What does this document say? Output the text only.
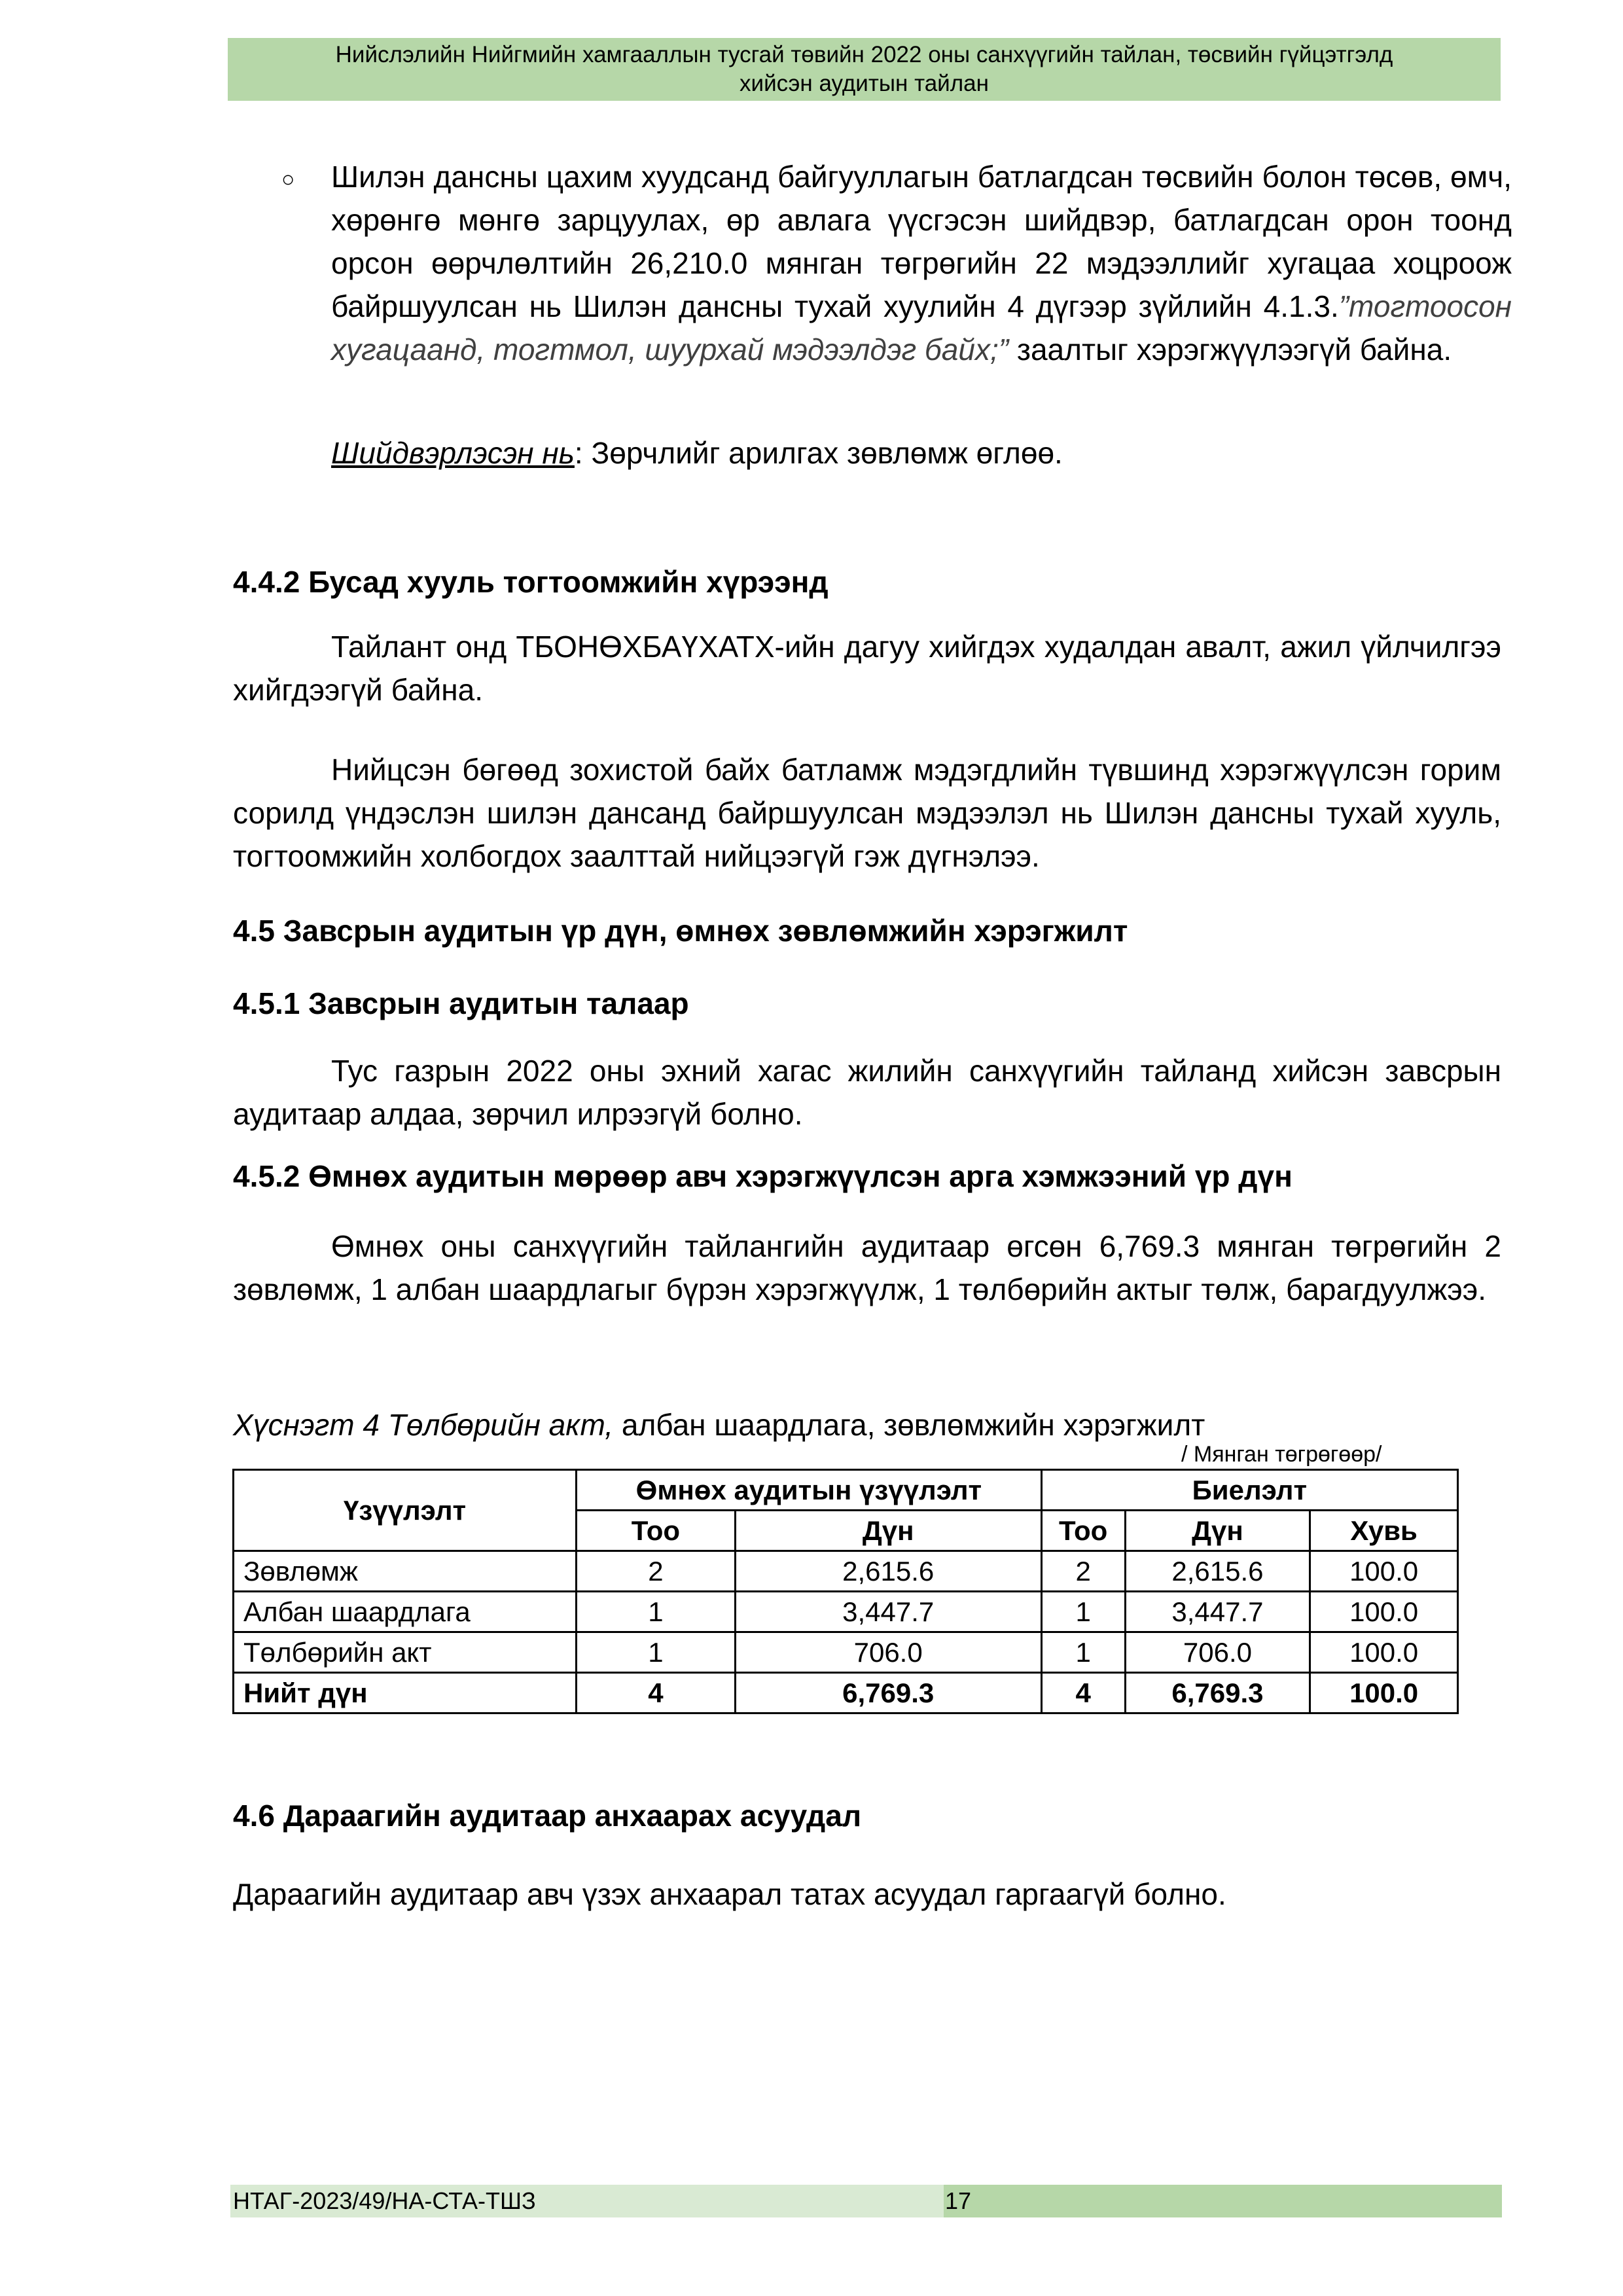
Нийслэлийн Нийгмийн хамгааллын тусгай төвийн 2022 оны санхүүгийн тайлан, төсвийн гүйцэтгэлд
хийсэн аудитын тайлан
○ Шилэн дансны цахим хуудсанд байгууллагын батлагдсан төсвийн болон төсөв, өмч, хөрөнгө мөнгө зарцуулах, өр авлага үүсгэсэн шийдвэр, батлагдсан орон тоонд орсон өөрчлөлтийн 26,210.0 мянган төгрөгийн 22 мэдээллийг хугацаа хоцроож байршуулсан нь Шилэн дансны тухай хуулийн 4 дүгээр зүйлийн 4.1.3.”тогтоосон хугацаанд, тогтмол, шуурхай мэдээлдэг байх;” заалтыг хэрэгжүүлээгүй байна.
Шийдвэрлэсэн нь: Зөрчлийг арилгах зөвлөмж өглөө.
4.4.2 Бусад хууль тогтоомжийн хүрээнд
Тайлант онд ТБОНӨХБАҮХАТХ-ийн дагуу хийгдэх худалдан авалт, ажил үйлчилгээ хийгдээгүй байна.
Нийцсэн бөгөөд зохистой байх батламж мэдэгдлийн түвшинд хэрэгжүүлсэн горим сорилд үндэслэн шилэн дансанд байршуулсан мэдээлэл нь Шилэн дансны тухай хууль, тогтоомжийн холбогдох заалттай нийцээгүй гэж дүгнэлээ.
4.5 Завсрын аудитын үр дүн, өмнөх зөвлөмжийн хэрэгжилт
4.5.1 Завсрын аудитын талаар
Тус газрын 2022 оны эхний хагас жилийн санхүүгийн тайланд хийсэн завсрын аудитаар алдаа, зөрчил илрээгүй болно.
4.5.2 Өмнөх аудитын мөрөөр авч хэрэгжүүлсэн арга хэмжээний үр дүн
Өмнөх оны санхүүгийн тайлангийн аудитаар өгсөн 6,769.3 мянган төгрөгийн 2 зөвлөмж, 1 албан шаардлагыг бүрэн хэрэгжүүлж, 1 төлбөрийн актыг төлж, барагдуулжээ.
Хүснэгт 4 Төлбөрийн акт, албан шаардлага, зөвлөмжийн хэрэгжилт
/ Мянган төгрөгөөр/
Үзүүлэлт	Өмнөх аудитын үзүүлэлт		Биелэлт		
	Тоо	Дүн	Тоо	Дүн	Хувь
Зөвлөмж	2	2,615.6	2	2,615.6	100.0
Албан шаардлага	1	3,447.7	1	3,447.7	100.0
Төлбөрийн акт	1	706.0	1	706.0	100.0
Нийт дүн	4	6,769.3	4	6,769.3	100.0
4.6 Дараагийн аудитаар анхаарах асуудал
Дараагийн аудитаар авч үзэх анхаарал татах асуудал гаргаагүй болно.
НТАГ-2023/49/НА-СТА-ТШЗ	17
